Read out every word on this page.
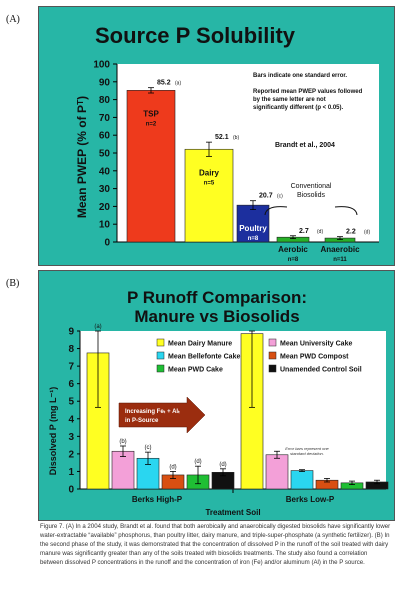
(A)
(B)
Source P Solubility
Mean PWEP (% of Pᵀ)
0
10
20
30
40
50
60
70
80
90
100
85.2 (a)
TSP
n=2
52.1 (b)
Dairy
n=5
20.7 (c)
Poultry
n=8
2.7 (d)
Aerobic
n=8
2.2 (d)
Anaerobic
n=11
Bars indicate one standard error.
Reported mean PWEP values followed
by the same letter are not
significantly different (p < 0.05).
Brandt et al., 2004
Conventional
Biosolids
P Runoff Comparison:
Manure vs Biosolids
Dissolved P (mg L⁻¹)
0
1
2
3
4
5
6
7
8
9	(a)
(b)
(c)
(d)
(d)	(d)
Mean Dairy Manure	Mean University Cake
Mean Bellefonte Cake	Mean PWD Compost
Mean PWD Cake	Unamended Control Soil
Increasing Feₜ + Alₜ
in P-Source
Error bars represent one
standard deviation.
Berks High-P	Berks Low-P
Treatment Soil
Figure 7. (A) In a 2004 study, Brandt et al. found that both aerobically and anaerobically digested biosolids have significantly lower water-extractable “available” phosphorus, than poultry litter, dairy manure, and triple-super-phosphate (a synthetic fertilizer). (B) In the second phase of the study, it was demonstrated that the concentration of dissolved P in the runoff of the soil treated with dairy manure was significantly greater than any of the soils treated with biosolids treatments. The study also found a correlation between dissolved P concentrations in the runoff and the concentration of iron (Fe) and/or aluminum (Al) in the P source.
